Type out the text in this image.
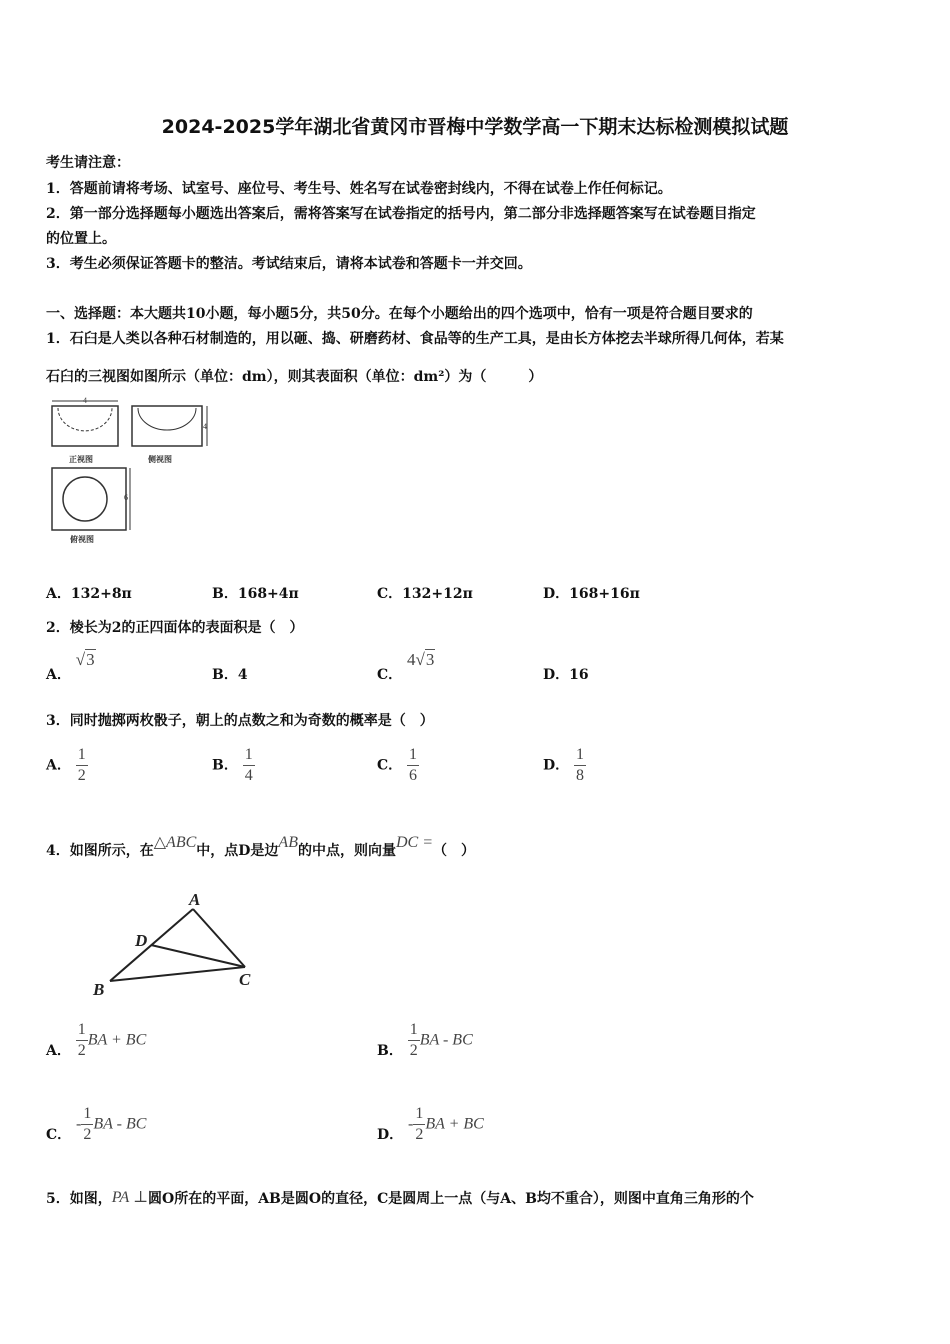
2024-2025学年湖北省黄冈市晋梅中学数学高一下期末达标检测模拟试题
考生请注意：
1．答题前请将考场、试室号、座位号、考生号、姓名写在试卷密封线内，不得在试卷上作任何标记。
2．第一部分选择题每小题选出答案后，需将答案写在试卷指定的括号内，第二部分非选择题答案写在试卷题目指定
的位置上。
3．考生必须保证答题卡的整洁。考试结束后，请将本试卷和答题卡一并交回。
一、选择题：本大题共10小题，每小题5分，共50分。在每个小题给出的四个选项中，恰有一项是符合题目要求的
1．石臼是人类以各种石材制造的，用以砸、捣、研磨药材、食品等的生产工具，是由长方体挖去半球所得几何体，若某
石臼的三视图如图所示（单位：dm），则其表面积（单位：dm²）为（　　　）
4
正视图
4
侧视图
6
俯视图
A．132+8π	B．168+4π	C．132+12π	D．168+16π
2．棱长为2的正四面体的表面积是（　）
A． √3
B．4	C． 4√3
D．16
3．同时抛掷两枚骰子，朝上的点数之和为奇数的概率是（　）
A． $\frac{1}{2}$	B． $\frac{1}{4}$	C． $\frac{1}{6}$	D． $\frac{1}{8}$
4．如图所示，在△ABC中，点D是边AB的中点，则向量DC =（　）
A
D
B
C
A． $\frac{1}{2}$ BA + BC
B． $\frac{1}{2}$ BA - BC
C． - $\frac{1}{2}$ BA - BC
D． - $\frac{1}{2}$ BA + BC
5．如图，PA ⊥圆O所在的平面，AB是圆O的直径，C是圆周上一点（与A、B均不重合），则图中直角三角形的个
